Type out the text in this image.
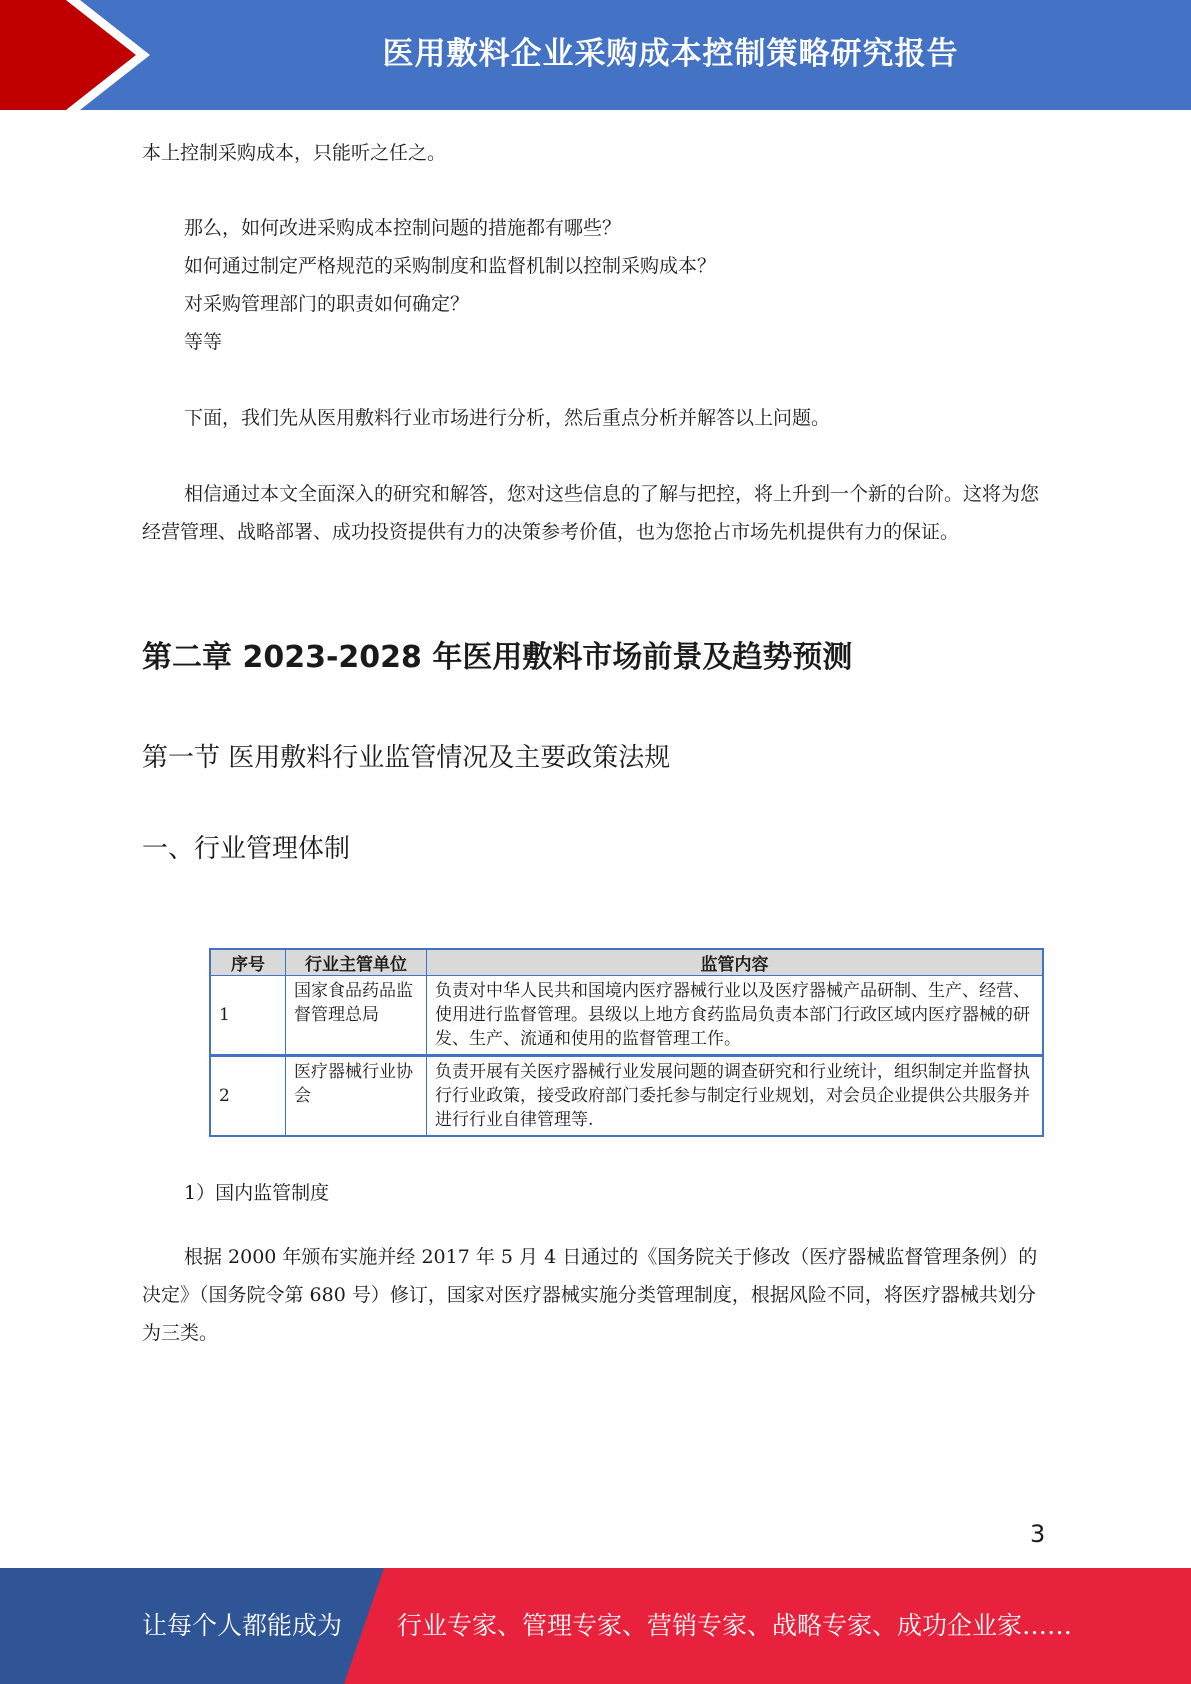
医用敷料企业采购成本控制策略研究报告

本上控制采购成本，只能听之任之。

那么，如何改进采购成本控制问题的措施都有哪些？

如何通过制定严格规范的采购制度和监督机制以控制采购成本？

对采购管理部门的职责如何确定？

等等

下面，我们先从医用敷料行业市场进行分析，然后重点分析并解答以上问题。

相信通过本文全面深入的研究和解答，您对这些信息的了解与把控，将上升到一个新的台阶。这将为您经营管理、战略部署、成功投资提供有力的决策参考价值，也为您抢占市场先机提供有力的保证。

第二章 2023-2028 年医用敷料市场前景及趋势预测
第一节 医用敷料行业监管情况及主要政策法规
一、行业管理体制
序号	行业主管单位	监管内容
1	国家食品药品监督管理总局	负责对中华人民共和国境内医疗器械行业以及医疗器械产品研制、生产、经营、使用进行监督管理。县级以上地方食药监局负责本部门行政区域内医疗器械的研发、生产、流通和使用的监督管理工作。
2	医疗器械行业协会	负责开展有关医疗器械行业发展问题的调查研究和行业统计，组织制定并监督执行行业政策，接受政府部门委托参与制定行业规划，对会员企业提供公共服务并进行行业自律管理等.

1）国内监管制度

根据 2000 年颁布实施并经 2017 年 5 月 4 日通过的《国务院关于修改（医疗器械监督管理条例）的决定》（国务院令第 680 号）修订，国家对医疗器械实施分类管理制度，根据风险不同，将医疗器械共划分为三类。

3
让每个人都能成为 行业专家、管理专家、营销专家、战略专家、成功企业家……
